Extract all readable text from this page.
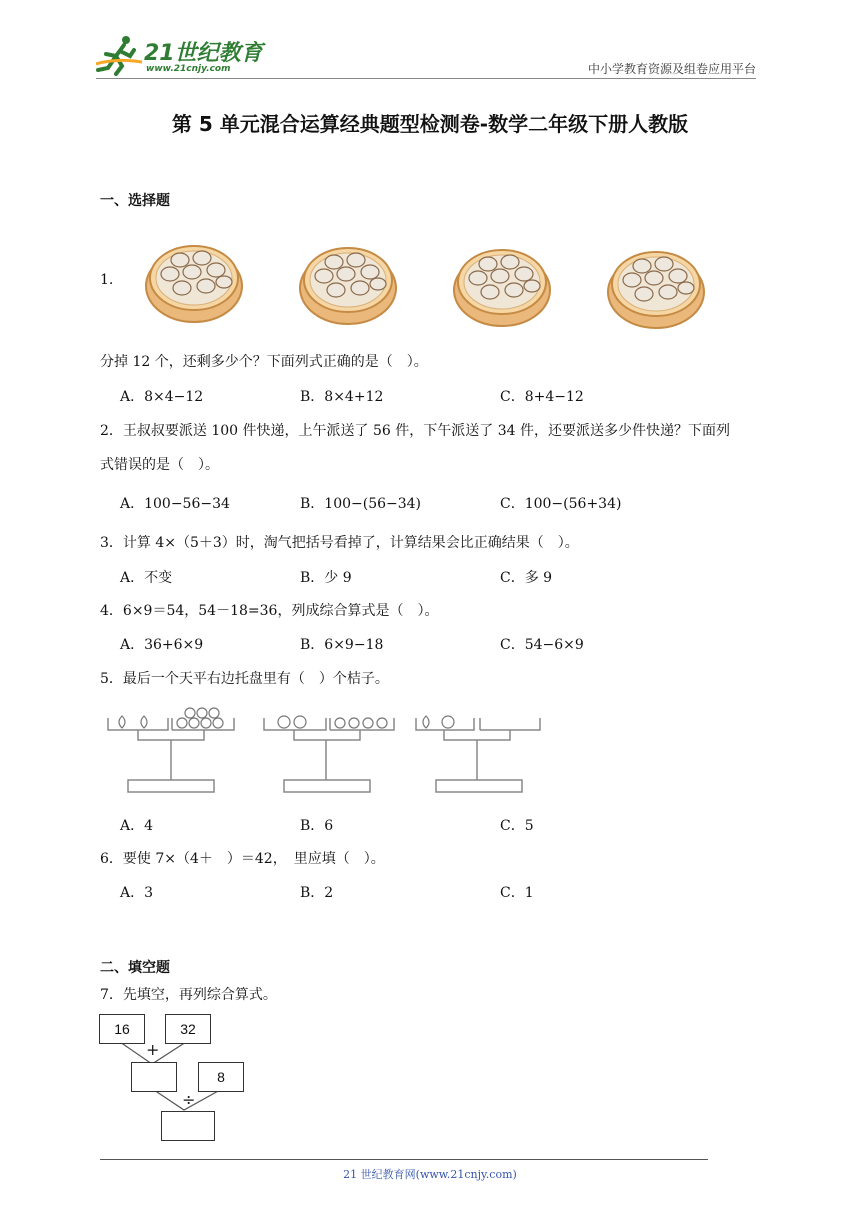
21世纪教育
www.21cnjy.com	中小学教育资源及组卷应用平台
第 5 单元混合运算经典题型检测卷-数学二年级下册人教版
一、选择题
1.
分掉 12 个，还剩多少个？下面列式正确的是（　）。
A．8×4−12	B．8×4+12	C．8+4−12
2．王叔叔要派送 100 件快递，上午派送了 56 件，下午派送了 34 件，还要派送多少件快递？下面列
式错误的是（　）。
A．100−56−34	B．100−(56−34)	C．100−(56+34)
3．计算 4×（5＋3）时，淘气把括号看掉了，计算结果会比正确结果（　）。
A．不变	B．少 9	C．多 9
4．6×9＝54，54－18=36，列成综合算式是（　）。
A．36+6×9	B．6×9−18	C．54−6×9
5．最后一个天平右边托盘里有（　）个桔子。
A．4	B．6	C．5
6．要使 7×（4＋　）＝42，　里应填（　）。
A．3	B．2	C．1
二、填空题
7．先填空，再列综合算式。
16	32
+
8
÷
21 世纪教育网(www.21cnjy.com)
